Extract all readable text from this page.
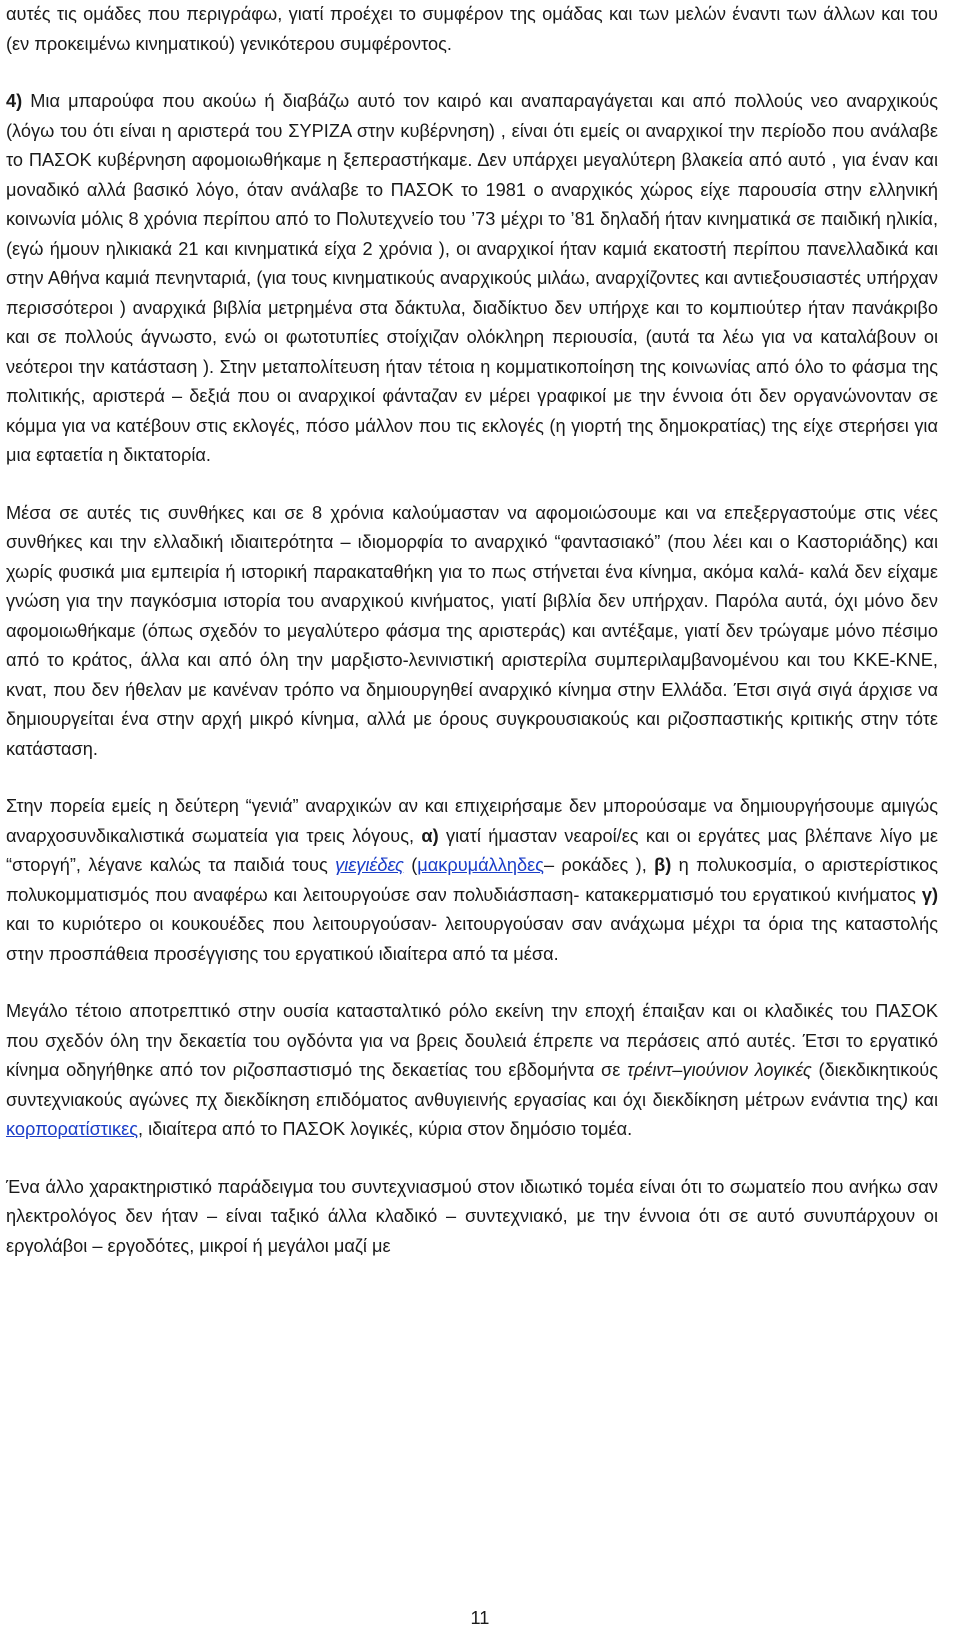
αυτές τις ομάδες που περιγράφω, γιατί προέχει το συμφέρον της ομάδας και των μελών έναντι των άλλων και του (εν προκειμένω κινηματικού) γενικότερου συμφέροντος.

4) Μια μπαρούφα που ακούω ή διαβάζω αυτό τον καιρό και αναπαραγάγεται και από πολλούς νεο αναρχικούς (λόγω του ότι είναι η αριστερά του ΣΥΡΙΖΑ στην κυβέρνηση) , είναι ότι εμείς οι αναρχικοί την περίοδο που ανάλαβε το ΠΑΣΟΚ κυβέρνηση αφομοιωθήκαμε η ξεπεραστήκαμε. Δεν υπάρχει μεγαλύτερη βλακεία από αυτό , για έναν και μοναδικό αλλά βασικό λόγο, όταν ανάλαβε το ΠΑΣΟΚ το 1981 ο αναρχικός χώρος είχε παρουσία στην ελληνική κοινωνία μόλις 8 χρόνια περίπου από το Πολυτεχνείο του ’73 μέχρι το ’81 δηλαδή ήταν κινηματικά σε παιδική ηλικία, (εγώ ήμουν ηλικιακά 21 και κινηματικά είχα 2 χρόνια ), οι αναρχικοί ήταν καμιά εκατοστή περίπου πανελλαδικά και στην Αθήνα καμιά πενηνταριά, (για τους κινηματικούς αναρχικούς μιλάω, αναρχίζοντες και αντιεξουσιαστές υπήρχαν περισσότεροι ) αναρχικά βιβλία μετρημένα στα δάκτυλα, διαδίκτυο δεν υπήρχε και το κομπιούτερ ήταν πανάκριβο και σε πολλούς άγνωστο, ενώ οι φωτοτυπίες στοίχιζαν ολόκληρη περιουσία, (αυτά τα λέω για να καταλάβουν οι νεότεροι την κατάσταση ). Στην μεταπολίτευση ήταν τέτοια η κομματικοποίηση της κοινωνίας από όλο το φάσμα της πολιτικής, αριστερά – δεξιά που οι αναρχικοί φάνταζαν εν μέρει γραφικοί με την έννοια ότι δεν οργανώνονταν σε κόμμα για να κατέβουν στις εκλογές, πόσο μάλλον που τις εκλογές (η γιορτή της δημοκρατίας) της είχε στερήσει για μια εφταετία η δικτατορία.

Μέσα σε αυτές τις συνθήκες και σε 8 χρόνια καλούμασταν να αφομοιώσουμε και να επεξεργαστούμε στις νέες συνθήκες και την ελλαδική ιδιαιτερότητα – ιδιομορφία το αναρχικό “φαντασιακό” (που λέει και ο Καστοριάδης) και χωρίς φυσικά μια εμπειρία ή ιστορική παρακαταθήκη για το πως στήνεται ένα κίνημα, ακόμα καλά- καλά δεν είχαμε γνώση για την παγκόσμια ιστορία του αναρχικού κινήματος, γιατί βιβλία δεν υπήρχαν. Παρόλα αυτά, όχι μόνο δεν αφομοιωθήκαμε (όπως σχεδόν το μεγαλύτερο φάσμα της αριστεράς) και αντέξαμε, γιατί δεν τρώγαμε μόνο πέσιμο από το κράτος, άλλα και από όλη την μαρξιστο-λενινιστική αριστερίλα συμπεριλαμβανομένου και του ΚΚΕ-ΚΝΕ, κνατ, που δεν ήθελαν με κανέναν τρόπο να δημιουργηθεί αναρχικό κίνημα στην Ελλάδα. Έτσι σιγά σιγά άρχισε να δημιουργείται ένα στην αρχή μικρό κίνημα, αλλά με όρους συγκρουσιακούς και ριζοσπαστικής κριτικής στην τότε κατάσταση.

Στην πορεία εμείς η δεύτερη “γενιά” αναρχικών αν και επιχειρήσαμε δεν μπορούσαμε να δημιουργήσουμε αμιγώς αναρχοσυνδικαλιστικά σωματεία για τρεις λόγους, α) γιατί ήμασταν νεαροί/ες και οι εργάτες μας βλέπανε λίγο με “στοργή”, λέγανε καλώς τα παιδιά τους γιεγιέδες (μακρυμάλληδες– ροκάδες ), β) η πολυκοσμία, ο αριστερίστικος πολυκομματισμός που αναφέρω και λειτουργούσε σαν πολυδιάσπαση- κατακερματισμό του εργατικού κινήματος γ) και το κυριότερο οι κουκουέδες που λειτουργούσαν- λειτουργούσαν σαν ανάχωμα μέχρι τα όρια της καταστολής στην προσπάθεια προσέγγισης του εργατικού ιδιαίτερα από τα μέσα.

Μεγάλο τέτοιο αποτρεπτικό στην ουσία κατασταλτικό ρόλο εκείνη την εποχή έπαιξαν και οι κλαδικές του ΠΑΣΟΚ που σχεδόν όλη την δεκαετία του ογδόντα για να βρεις δουλειά έπρεπε να περάσεις από αυτές. Έτσι το εργατικό κίνημα οδηγήθηκε από τον ριζοσπαστισμό της δεκαετίας του εβδομήντα σε τρέιντ–γιούνιον λογικές (διεκδικητικούς συντεχνιακούς αγώνες πχ διεκδίκηση επιδόματος ανθυγιεινής εργασίας και όχι διεκδίκηση μέτρων ενάντια της) και κορπορατίστικες, ιδιαίτερα από το ΠΑΣΟΚ λογικές, κύρια στον δημόσιο τομέα.

Ένα άλλο χαρακτηριστικό παράδειγμα του συντεχνιασμού στον ιδιωτικό τομέα είναι ότι το σωματείο που ανήκω σαν ηλεκτρολόγος δεν ήταν – είναι ταξικό άλλα κλαδικό – συντεχνιακό, με την έννοια ότι σε αυτό συνυπάρχουν οι εργολάβοι – εργοδότες, μικροί ή μεγάλοι μαζί με

11
